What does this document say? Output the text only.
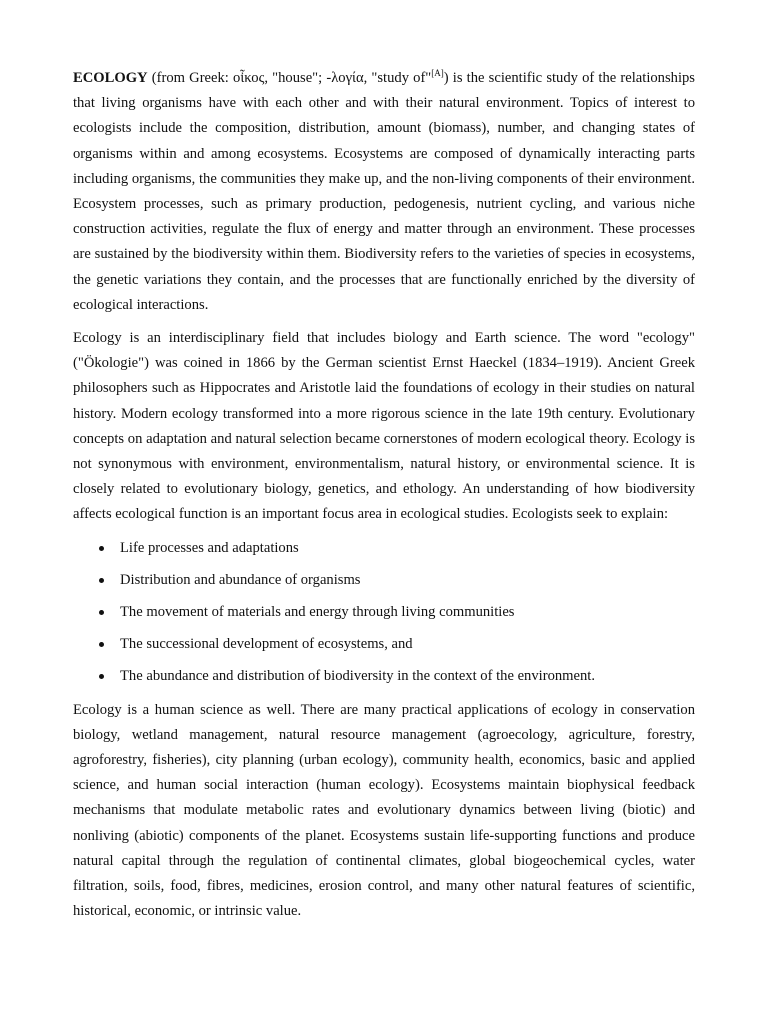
ECOLOGY (from Greek: οἶκος, "house"; -λογία, "study of"[A]) is the scientific study of the relationships that living organisms have with each other and with their natural environment. Topics of interest to ecologists include the composition, distribution, amount (biomass), number, and changing states of organisms within and among ecosystems. Ecosystems are composed of dynamically interacting parts including organisms, the communities they make up, and the non-living components of their environment. Ecosystem processes, such as primary production, pedogenesis, nutrient cycling, and various niche construction activities, regulate the flux of energy and matter through an environment. These processes are sustained by the biodiversity within them. Biodiversity refers to the varieties of species in ecosystems, the genetic variations they contain, and the processes that are functionally enriched by the diversity of ecological interactions.

Ecology is an interdisciplinary field that includes biology and Earth science. The word "ecology" ("Ökologie") was coined in 1866 by the German scientist Ernst Haeckel (1834–1919). Ancient Greek philosophers such as Hippocrates and Aristotle laid the foundations of ecology in their studies on natural history. Modern ecology transformed into a more rigorous science in the late 19th century. Evolutionary concepts on adaptation and natural selection became cornerstones of modern ecological theory. Ecology is not synonymous with environment, environmentalism, natural history, or environmental science. It is closely related to evolutionary biology, genetics, and ethology. An understanding of how biodiversity affects ecological function is an important focus area in ecological studies. Ecologists seek to explain:

Life processes and adaptations
Distribution and abundance of organisms
The movement of materials and energy through living communities
The successional development of ecosystems, and
The abundance and distribution of biodiversity in the context of the environment.

Ecology is a human science as well. There are many practical applications of ecology in conservation biology, wetland management, natural resource management (agroecology, agriculture, forestry, agroforestry, fisheries), city planning (urban ecology), community health, economics, basic and applied science, and human social interaction (human ecology). Ecosystems maintain biophysical feedback mechanisms that modulate metabolic rates and evolutionary dynamics between living (biotic) and nonliving (abiotic) components of the planet. Ecosystems sustain life-supporting functions and produce natural capital through the regulation of continental climates, global biogeochemical cycles, water filtration, soils, food, fibres, medicines, erosion control, and many other natural features of scientific, historical, economic, or intrinsic value.
